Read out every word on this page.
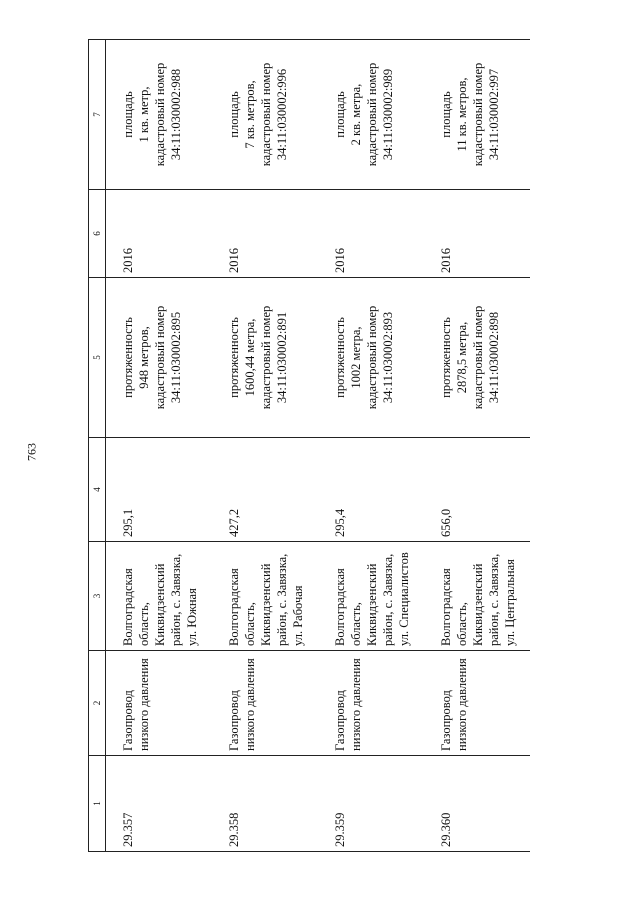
763
1	2	3	4	5	6	7
29.357	Газопровод низкого давления	Волгоградская
область,
Киквидзенский
район, с. Завязка,
ул. Южная	295,1	протяженность
948 метров,
кадастровый номер
34:11:030002:895	2016	площадь
1 кв. метр,
кадастровый номер
34:11:030002:988
29.358	Газопровод низкого давления	Волгоградская
область,
Киквидзенский
район, с. Завязка,
ул. Рабочая	427,2	протяженность
1600,44 метра,
кадастровый номер
34:11:030002:891	2016	площадь
7 кв. метров,
кадастровый номер
34:11:030002:996
29.359	Газопровод низкого давления	Волгоградская
область,
Киквидзенский
район, с. Завязка,
ул. Специалистов	295,4	протяженность
1002 метра,
кадастровый номер
34:11:030002:893	2016	площадь
2 кв. метра,
кадастровый номер
34:11:030002:989
29.360	Газопровод низкого давления	Волгоградская
область,
Киквидзенский
район, с. Завязка,
ул. Центральная	656,0	протяженность
2878,5 метра,
кадастровый номер
34:11:030002:898	2016	площадь
11 кв. метров,
кадастровый номер
34:11:030002:997
